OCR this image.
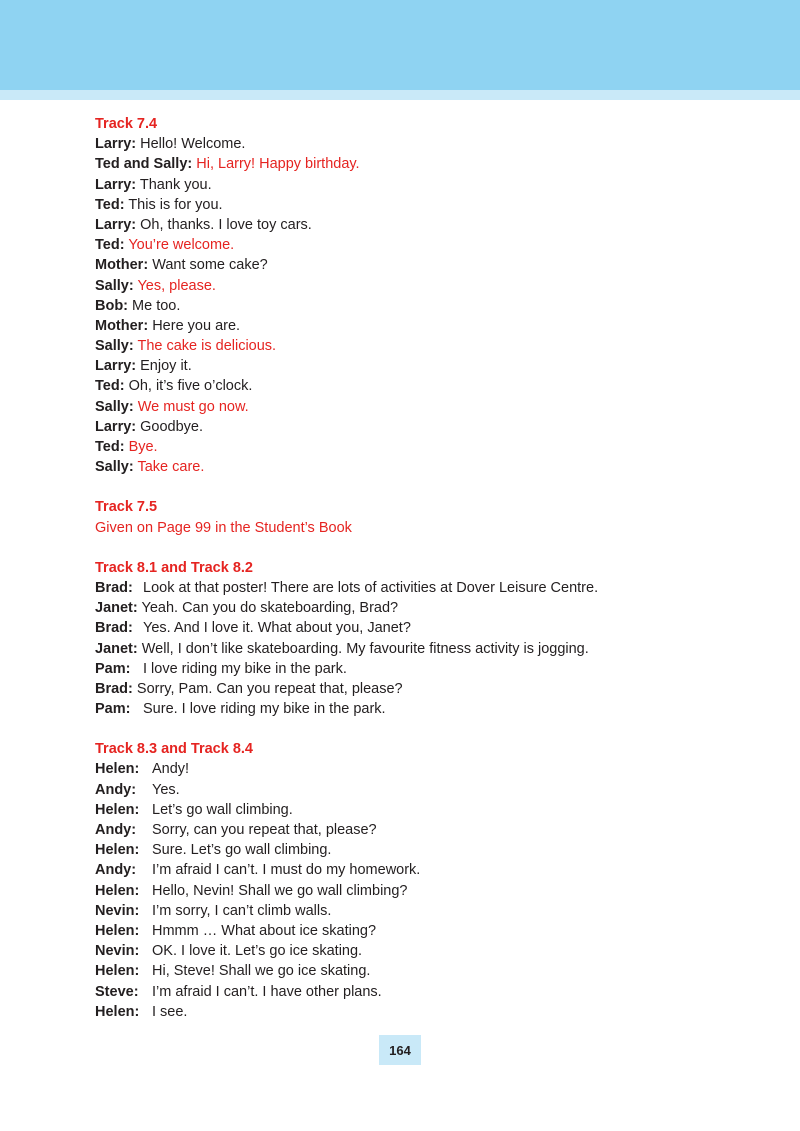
Track 7.4
Larry: Hello! Welcome.
Ted and Sally: Hi, Larry! Happy birthday.
Larry: Thank you.
Ted: This is for you.
Larry: Oh, thanks. I love toy cars.
Ted: You’re welcome.
Mother: Want some cake?
Sally: Yes, please.
Bob: Me too.
Mother: Here you are.
Sally: The cake is delicious.
Larry: Enjoy it.
Ted: Oh, it’s five o’clock.
Sally: We must go now.
Larry: Goodbye.
Ted: Bye.
Sally: Take care.
Track 7.5
Given on Page 99 in the Student’s Book
Track 8.1 and Track 8.2
Brad: Look at that poster! There are lots of activities at Dover Leisure Centre.
Janet: Yeah. Can you do skateboarding, Brad?
Brad: Yes. And I love it. What about you, Janet?
Janet: Well, I don’t like skateboarding. My favourite fitness activity is jogging.
Pam: I love riding my bike in the park.
Brad: Sorry, Pam. Can you repeat that, please?
Pam: Sure. I love riding my bike in the park.
Track 8.3 and Track 8.4
Helen: Andy!
Andy: Yes.
Helen: Let’s go wall climbing.
Andy: Sorry, can you repeat that, please?
Helen: Sure. Let’s go wall climbing.
Andy: I’m afraid I can’t. I must do my homework.
Helen: Hello, Nevin! Shall we go wall climbing?
Nevin: I’m sorry, I can’t climb walls.
Helen: Hmmm … What about ice skating?
Nevin: OK. I love it. Let’s go ice skating.
Helen: Hi, Steve! Shall we go ice skating.
Steve: I’m afraid I can’t. I have other plans.
Helen: I see.
164
